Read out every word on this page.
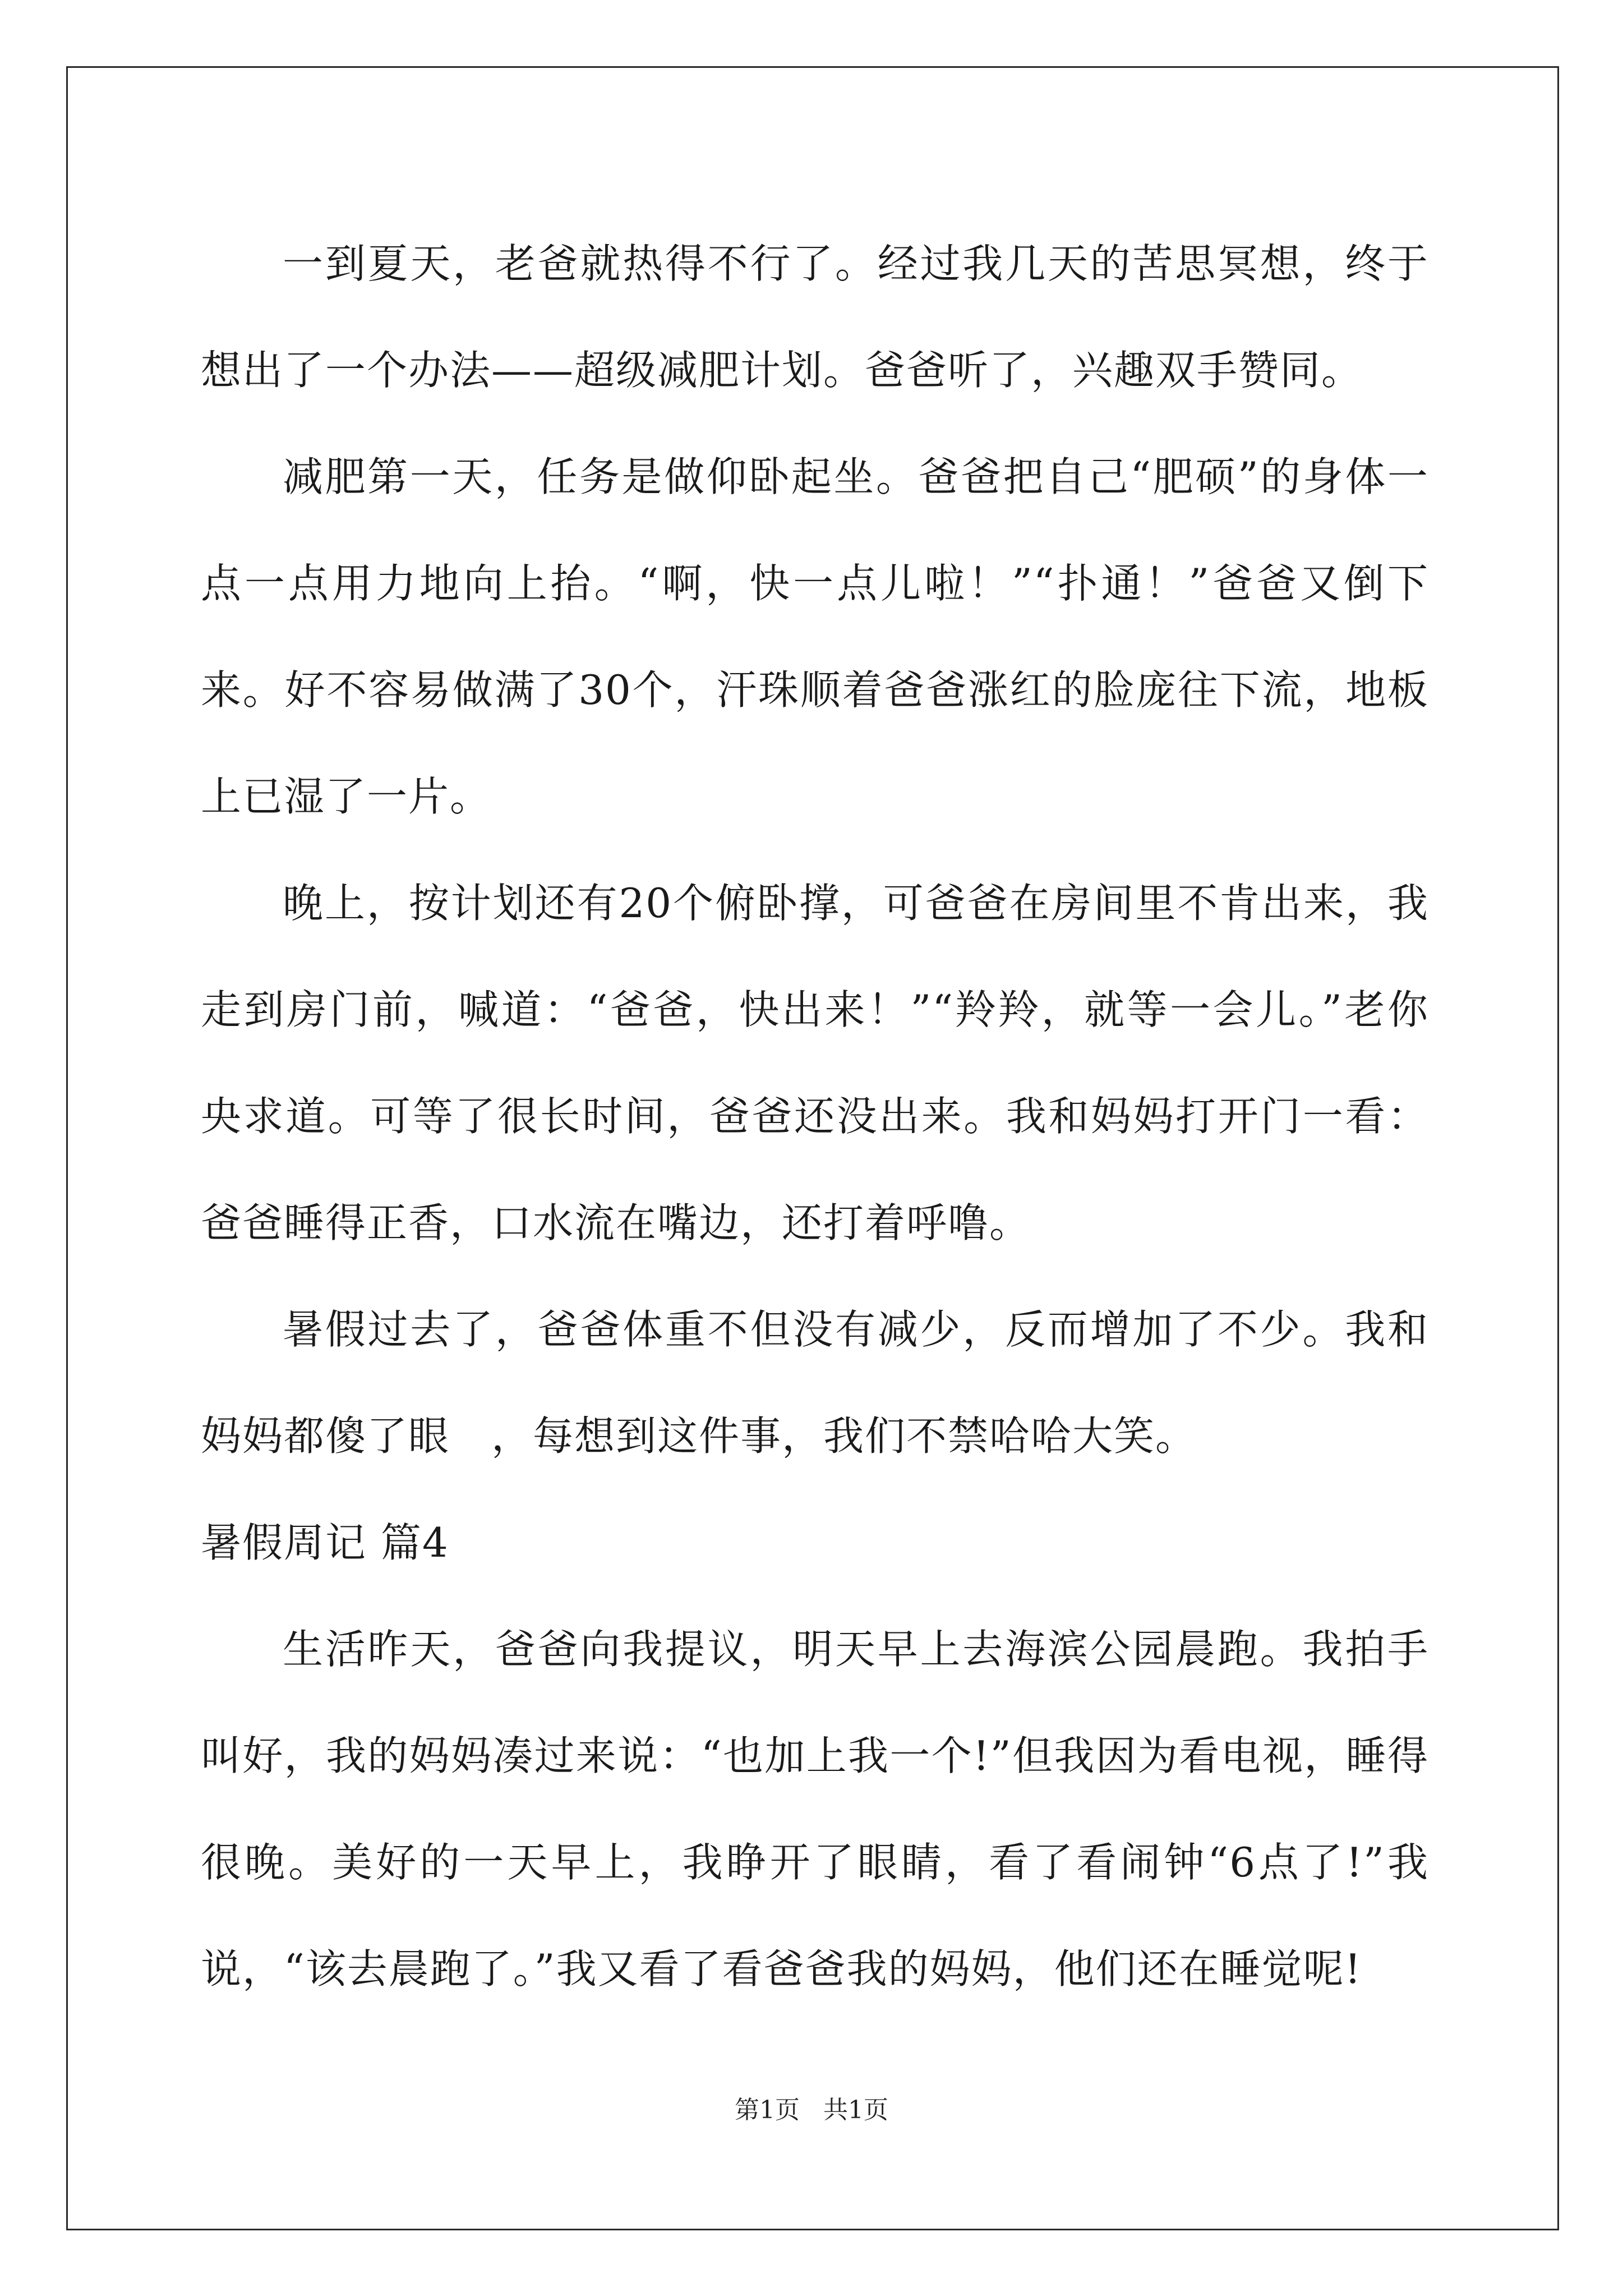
一到夏天，老爸就热得不行了。经过我几天的苦思冥想，终于想出了一个办法——超级减肥计划。爸爸听了，兴趣双手赞同。

减肥第一天，任务是做仰卧起坐。爸爸把自己“肥硕”的身体一点一点用力地向上抬。“啊，快一点儿啦！”“扑通！”爸爸又倒下来。好不容易做满了30个，汗珠顺着爸爸涨红的脸庞往下流，地板上已湿了一片。

晚上，按计划还有20个俯卧撑，可爸爸在房间里不肯出来，我走到房门前，喊道：“爸爸，快出来！”“羚羚，就等一会儿。”老你央求道。可等了很长时间，爸爸还没出来。我和妈妈打开门一看：爸爸睡得正香，口水流在嘴边，还打着呼噜。

暑假过去了，爸爸体重不但没有减少，反而增加了不少。我和妈妈都傻了眼　，每想到这件事，我们不禁哈哈大笑。

暑假周记 篇4

生活昨天，爸爸向我提议，明天早上去海滨公园晨跑。我拍手叫好，我的妈妈凑过来说：“也加上我一个!”但我因为看电视，睡得很晚。美好的一天早上，我睁开了眼睛，看了看闹钟“6点了!”我说，“该去晨跑了。”我又看了看爸爸我的妈妈，他们还在睡觉呢!

第1页 共1页
